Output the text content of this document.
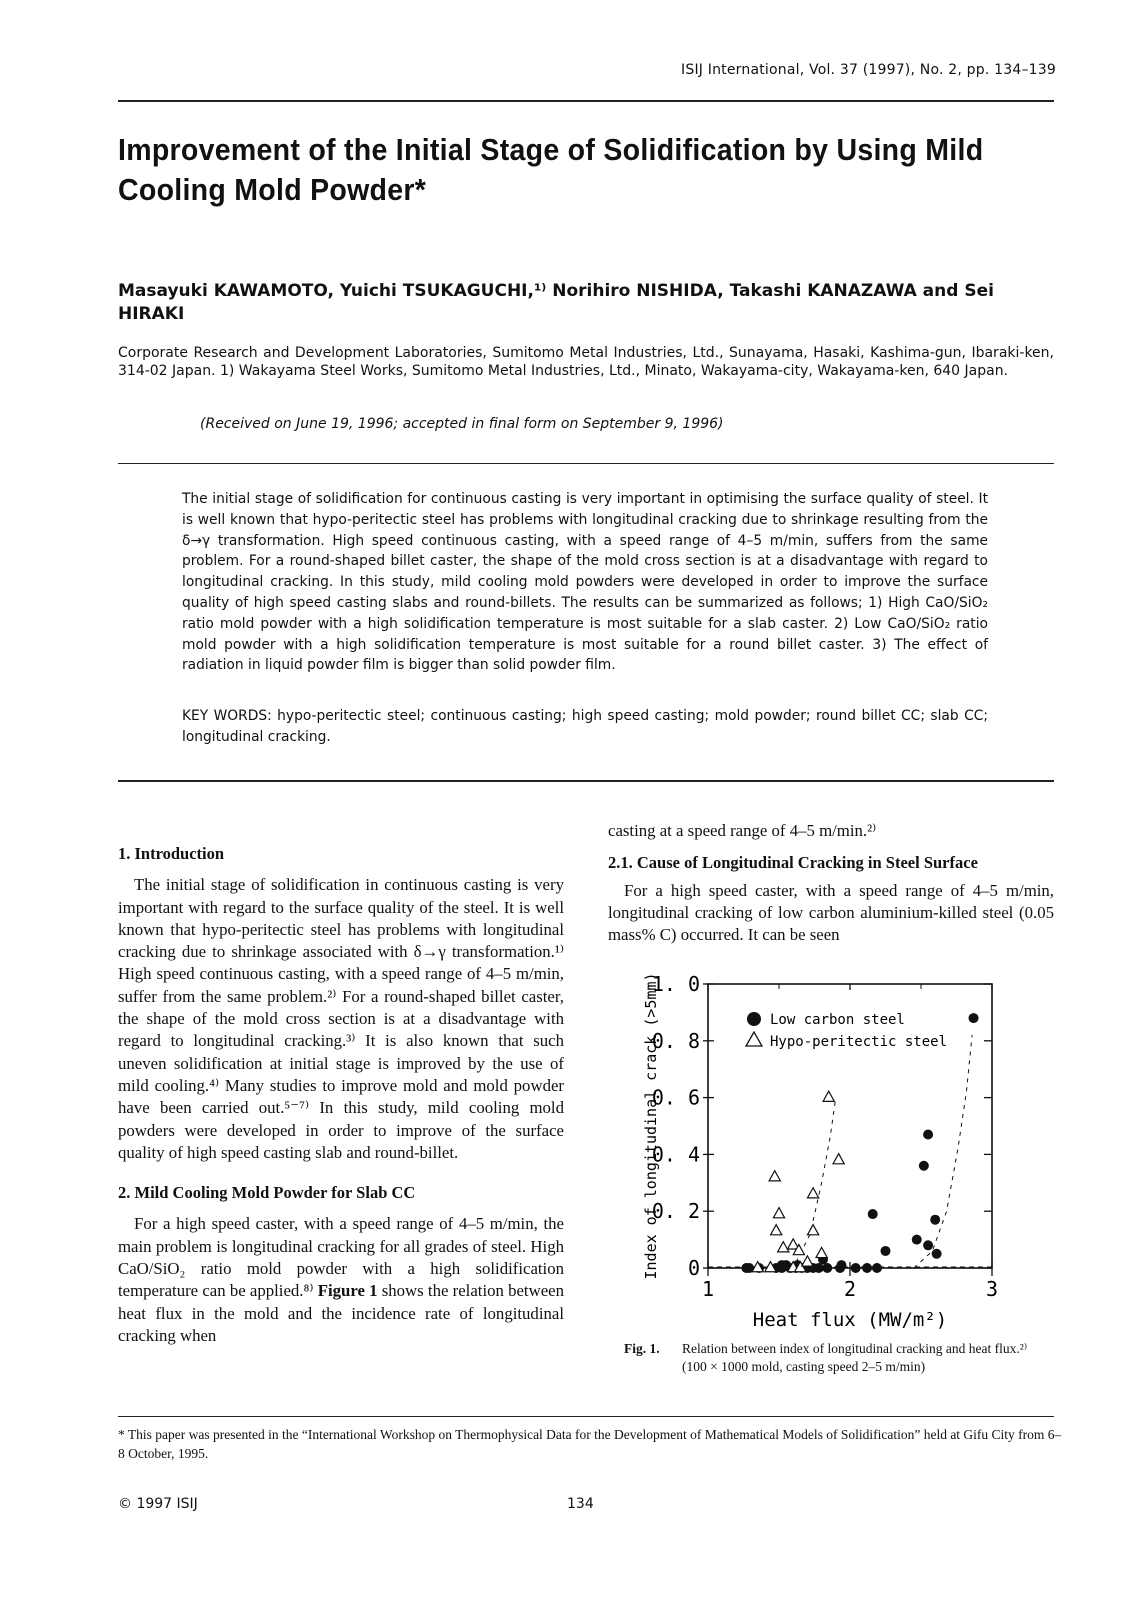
ISIJ International, Vol. 37 (1997), No. 2, pp. 134–139
Improvement of the Initial Stage of Solidification by Using Mild Cooling Mold Powder*
Masayuki KAWAMOTO, Yuichi TSUKAGUCHI,¹⁾ Norihiro NISHIDA, Takashi KANAZAWA and Sei HIRAKI
Corporate Research and Development Laboratories, Sumitomo Metal Industries, Ltd., Sunayama, Hasaki, Kashima-gun, Ibaraki-ken, 314-02 Japan. 1) Wakayama Steel Works, Sumitomo Metal Industries, Ltd., Minato, Wakayama-city, Wakayama-ken, 640 Japan.
(Received on June 19, 1996; accepted in final form on September 9, 1996)
The initial stage of solidification for continuous casting is very important in optimising the surface quality of steel. It is well known that hypo-peritectic steel has problems with longitudinal cracking due to shrinkage resulting from the δ→γ transformation. High speed continuous casting, with a speed range of 4–5 m/min, suffers from the same problem. For a round-shaped billet caster, the shape of the mold cross section is at a disadvantage with regard to longitudinal cracking. In this study, mild cooling mold powders were developed in order to improve the surface quality of high speed casting slabs and round-billets. The results can be summarized as follows; 1) High CaO/SiO₂ ratio mold powder with a high solidification temperature is most suitable for a slab caster. 2) Low CaO/SiO₂ ratio mold powder with a high solidification temperature is most suitable for a round billet caster. 3) The effect of radiation in liquid powder film is bigger than solid powder film.
KEY WORDS: hypo-peritectic steel; continuous casting; high speed casting; mold powder; round billet CC; slab CC; longitudinal cracking.
1. Introduction
The initial stage of solidification in continuous casting is very important with regard to the surface quality of the steel. It is well known that hypo-peritectic steel has problems with longitudinal cracking due to shrinkage associated with δ→γ transformation.¹⁾ High speed continuous casting, with a speed range of 4–5 m/min, suffer from the same problem.²⁾ For a round-shaped billet caster, the shape of the mold cross section is at a disadvantage with regard to longitudinal cracking.³⁾ It is also known that such uneven solidification at initial stage is improved by the use of mild cooling.⁴⁾ Many studies to improve mold and mold powder have been carried out.⁵⁻⁷⁾ In this study, mild cooling mold powders were developed in order to improve of the surface quality of high speed casting slab and round-billet.
2. Mild Cooling Mold Powder for Slab CC
For a high speed caster, with a speed range of 4–5 m/min, the main problem is longitudinal cracking for all grades of steel. High CaO/SiO₂ ratio mold powder with a high solidification temperature can be applied.⁸⁾ Figure 1 shows the relation between heat flux in the mold and the incidence rate of longitudinal cracking when
casting at a speed range of 4–5 m/min.²⁾
2.1. Cause of Longitudinal Cracking in Steel Surface
For a high speed caster, with a speed range of 4–5 m/min, longitudinal cracking of low carbon aluminium-killed steel (0.05 mass% C) occurred. It can be seen
0
0. 2
0. 4
0. 6
0. 8
1. 0
1	2	3
Heat flux (MW/m²)
Index of longitudinal crack (>5mm)	Low carbon steel
Hypo-peritectic steel
Fig. 1.	Relation between index of longitudinal cracking and heat flux.²⁾
(100 × 1000 mold, casting speed 2–5 m/min)
* This paper was presented in the “International Workshop on Thermophysical Data for the Development of Mathematical Models of Solidification” held at Gifu City from 6–8 October, 1995.
© 1997 ISIJ	134
